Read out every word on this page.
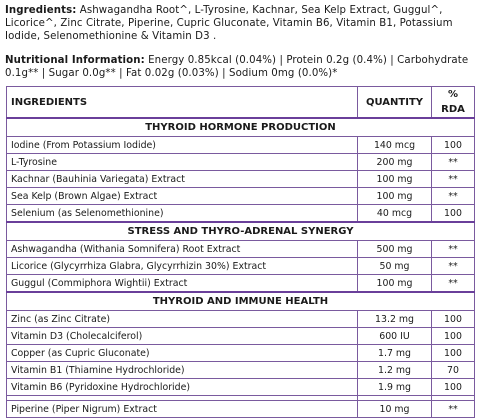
Ingredients: Ashwagandha Root^, L-Tyrosine, Kachnar, Sea Kelp Extract, Guggul^, Licorice^, Zinc Citrate, Piperine, Cupric Gluconate, Vitamin B6, Vitamin B1, Potassium Iodide, Selenomethionine & Vitamin D3 .
Nutritional Information: Energy 0.85kcal (0.04%) | Protein 0.2g (0.4%) | Carbohydrate 0.1g** | Sugar 0.0g** | Fat 0.02g (0.03%) | Sodium 0mg (0.0%)*
INGREDIENTS	QUANTITY	% RDA
THYROID HORMONE PRODUCTION		
Iodine (From Potassium Iodide)	140 mcg	100
L-Tyrosine	200 mg	**
Kachnar (Bauhinia Variegata) Extract	100 mg	**
Sea Kelp (Brown Algae) Extract	100 mg	**
Selenium (as Selenomethionine)	40 mcg	100
STRESS AND THYRO-ADRENAL SYNERGY		
Ashwagandha (Withania Somnifera) Root Extract	500 mg	**
Licorice (Glycyrrhiza Glabra, Glycyrrhizin 30%) Extract	50 mg	**
Guggul (Commiphora Wightii) Extract	100 mg	**
THYROID AND IMMUNE HEALTH		
Zinc (as Zinc Citrate)	13.2 mg	100
Vitamin D3 (Cholecalciferol)	600 IU	100
Copper (as Cupric Gluconate)	1.7 mg	100
Vitamin B1 (Thiamine Hydrochloride)	1.2 mg	70
Vitamin B6 (Pyridoxine Hydrochloride)	1.9 mg	100

Piperine (Piper Nigrum) Extract	10 mg	**
